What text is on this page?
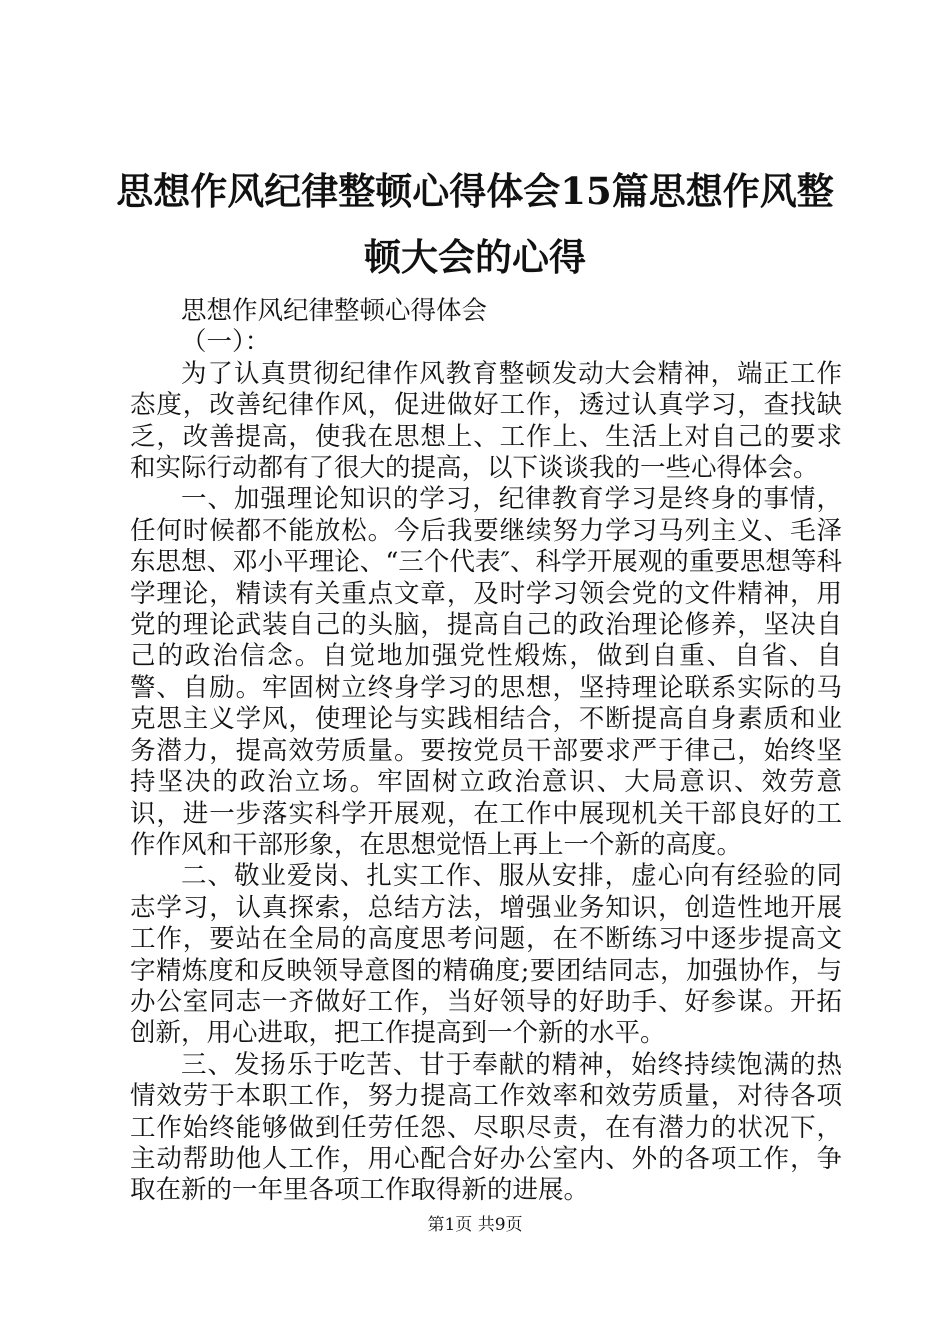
思想作风纪律整顿心得体会15篇思想作风整顿大会的心得

思想作风纪律整顿心得体会

（一）：

为了认真贯彻纪律作风教育整顿发动大会精神，端正工作态度，改善纪律作风，促进做好工作，透过认真学习，查找缺乏，改善提高，使我在思想上、工作上、生活上对自己的要求和实际行动都有了很大的提高，以下谈谈我的一些心得体会。

一、加强理论知识的学习，纪律教育学习是终身的事情，任何时候都不能放松。今后我要继续努力学习马列主义、毛泽东思想、邓小平理论、“三个代表″、科学开展观的重要思想等科学理论，精读有关重点文章，及时学习领会党的文件精神，用党的理论武装自己的头脑，提高自己的政治理论修养，坚决自己的政治信念。自觉地加强党性煅炼，做到自重、自省、自警、自励。牢固树立终身学习的思想，坚持理论联系实际的马克思主义学风，使理论与实践相结合，不断提高自身素质和业务潜力，提高效劳质量。要按党员干部要求严于律己，始终坚持坚决的政治立场。牢固树立政治意识、大局意识、效劳意识，进一步落实科学开展观，在工作中展现机关干部良好的工作作风和干部形象，在思想觉悟上再上一个新的高度。

二、敬业爱岗、扎实工作、服从安排，虚心向有经验的同志学习，认真探索，总结方法，增强业务知识，创造性地开展工作，要站在全局的高度思考问题，在不断练习中逐步提高文字精炼度和反映领导意图的精确度;要团结同志，加强协作，与办公室同志一齐做好工作，当好领导的好助手、好参谋。开拓创新，用心进取，把工作提高到一个新的水平。

三、发扬乐于吃苦、甘于奉献的精神，始终持续饱满的热情效劳于本职工作，努力提高工作效率和效劳质量，对待各项工作始终能够做到任劳任怨、尽职尽责，在有潜力的状况下，主动帮助他人工作，用心配合好办公室内、外的各项工作，争取在新的一年里各项工作取得新的进展。

第1页 共9页
